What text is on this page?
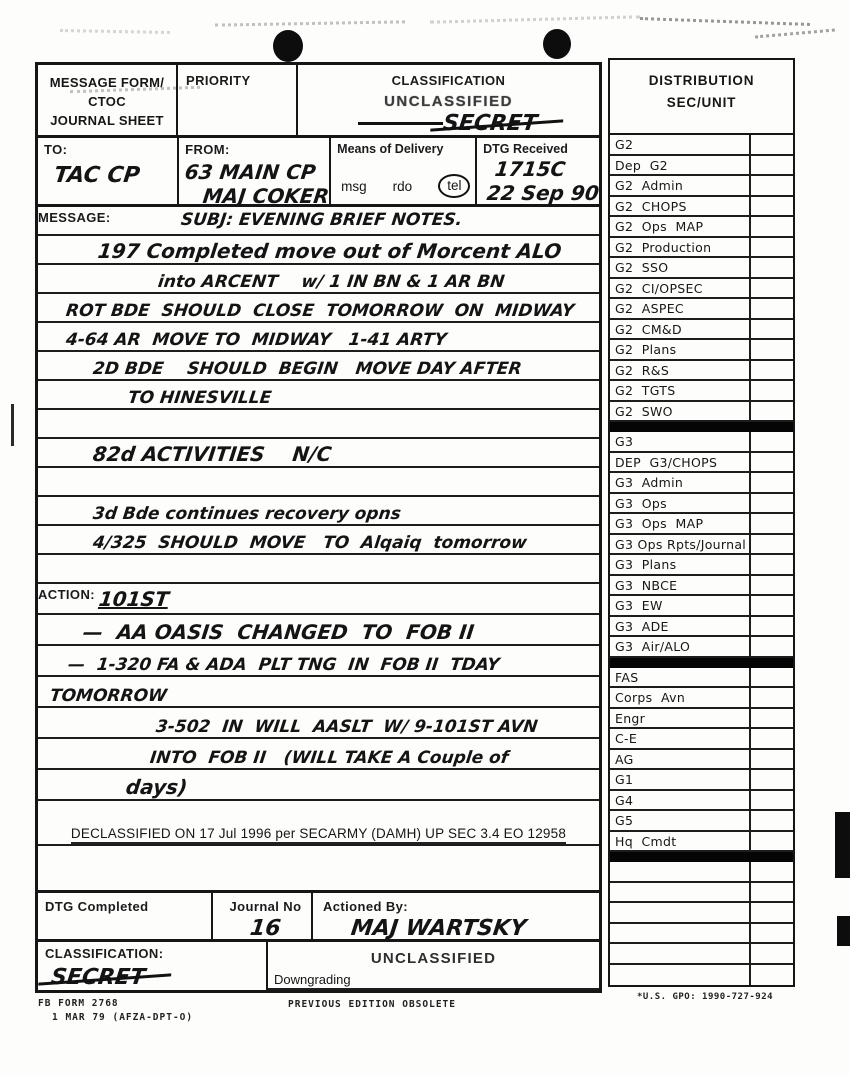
MESSAGE FORM/
CTOC
JOURNAL SHEET
PRIORITY	CLASSIFICATION
UNCLASSIFIED
SECRET
TO:
TAC CP
FROM:
63 MAIN CP MAJ COKER
Means of Delivery
msg rdo	tel
DTG Received
1715C 22 Sep 90
MESSAGE:	SUBJ: EVENING BRIEF NOTES.
197 Completed move out of Morcent ALO
into ARCENT    w/ 1 IN BN & 1 AR BN
ROT BDE  SHOULD  CLOSE  TOMORROW  ON  MIDWAY
4-64 AR  MOVE TO  MIDWAY   1-41 ARTY
2D BDE    SHOULD  BEGIN   MOVE DAY AFTER
TO HINESVILLE
82d ACTIVITIES    N/C
3d Bde continues recovery opns
4/325  SHOULD  MOVE   TO  Alqaiq  tomorrow
ACTION: 101ST
—  AA OASIS  CHANGED  TO  FOB II
—  1-320 FA & ADA  PLT TNG  IN  FOB II  TDAY
TOMORROW
3-502  IN  WILL  AASLT  W/ 9-101ST AVN
INTO  FOB II   (WILL TAKE A Couple of
days)
DECLASSIFIED ON 17 Jul 1996 per SECARMY (DAMH) UP SEC 3.4 EO 12958
DTG Completed	Journal No 16
Actioned By: MAJ WARTSKY
CLASSIFICATION:
SECRET
UNCLASSIFIED
Downgrading
FB FORM 2768
1 MAR 79 (AFZA-DPT-O)
PREVIOUS EDITION OBSOLETE
DISTRIBUTION
SEC/UNIT
G2
Dep  G2
G2  Admin
G2  CHOPS
G2  Ops  MAP
G2  Production
G2  SSO
G2  CI/OPSEC
G2  ASPEC
G2  CM&D
G2  Plans
G2  R&S
G2  TGTS
G2  SWO
G3
DEP  G3/CHOPS
G3  Admin
G3  Ops
G3  Ops  MAP
G3 Ops Rpts/Journal
G3  Plans
G3  NBCE
G3  EW
G3  ADE
G3  Air/ALO
FAS
Corps  Avn
Engr
C-E
AG
G1
G4
G5
Hq  Cmdt
*U.S. GPO: 1990-727-924
